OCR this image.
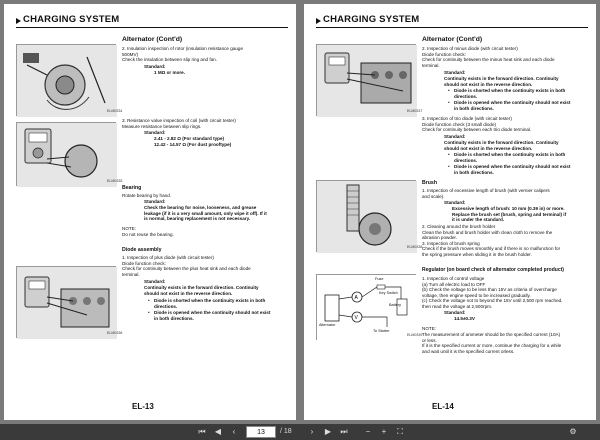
CHARGING SYSTEM
Alternator (Cont'd)
ELM0334
2. Insulation inspection of rotor (insulation resistance gauge
500MV)
Check the insulation between slip ring and fan.
Standard:
1 MΩ or more.
ELM0335
3. Resistance value inspection of coil (with circuit tester)
Measure resistance between slip rings.
Standard:
2.41 - 2.82 Ω (For standard type)
12.42 - 14.57 Ω (For dust prooftype)
Bearing
Rotate bearing by hand.
Standard:
Check the bearing for noise, looseness, and grease
leakage (if it is a very small amount, only wipe it off). If it
is normal, bearing replacement is not necessary.
NOTE:
Do not reuse the bearing.
ELM0336
Diode assembly
1. Inspection of plus diode (with circuit tester)
Diode function check:
Check for continuity between the plus heat sink and each diode
terminal.
Standard:
Continuity exists in the forward direction. Continuity
should not exist in the reverse direction.
• Diode is shorted when the continuity exists in both
directions.
• Diode is opened when the continuity should not exist
in both directions.
EL-13
CHARGING SYSTEM
Alternator (Cont'd)
ELM0337
2. Inspection of minus diode (with circuit tester)
Diode function check:
Check for continuity between the minus heat sink and each diode
terminal.
Standard:
Continuity exists in the forward direction. Continuity
should not exist in the reverse direction.
• Diode is shorted when the continuity exists in both
directions.
• Diode is opened when the continuity should not exist
in both directions.
3. Inspection of trio diode (with circuit tester)
Diode function check (3 small diode)
Check for continuity between each trio diode terminal.
Standard:
Continuity exists in the forward direction. Continuity
should not exist in the reverse direction.
• Diode is shorted when the continuity exists in both
directions.
• Diode is opened when the continuity should not exist
in both directions.
ELM0338
Brush
1. Inspection of excessive length of brush (with vernier calipers
and scale).
Standard:
Excessive length of brush: 10 mm (0.39 in) or more.
Replace the brush set (brush, spring and terminal) if
it is under the standard.
2. Cleaning around the brush holder
Clean the brush and brush holder with clean cloth to remove the
abrasion powder.
3. Inspection of brush spring
Check if the brush moves smoothly and if there is no malfunction for
the spring pressure when sliding it in the brush holder.
A
V
Fuse
Key Switch
Battery
Alternator
To Starter
ELM0339
Regulator (on board check of alternator completed product)
1. Inspection of control voltage
(a) Turn all electric load to OFF
(b) Check the voltage to be less than 15V as criteria of overcharge
voltage, then engine speed to be increased gradually.
(c) Check the voltage not to beyond the 15V until 2,500 rpm reached,
then read the voltage at 2,500rpm.
Standard:
14.5±0.3V
NOTE:
The measurement of ammeter should be the specified current (10A)
or less.
If it is the specified current or more, continue the charging for a while
and wait until it is the specified current orless.
EL-14
⏮	◀	‹	13	/ 18	›	▶	⏭	−	+	⛶	⚙
